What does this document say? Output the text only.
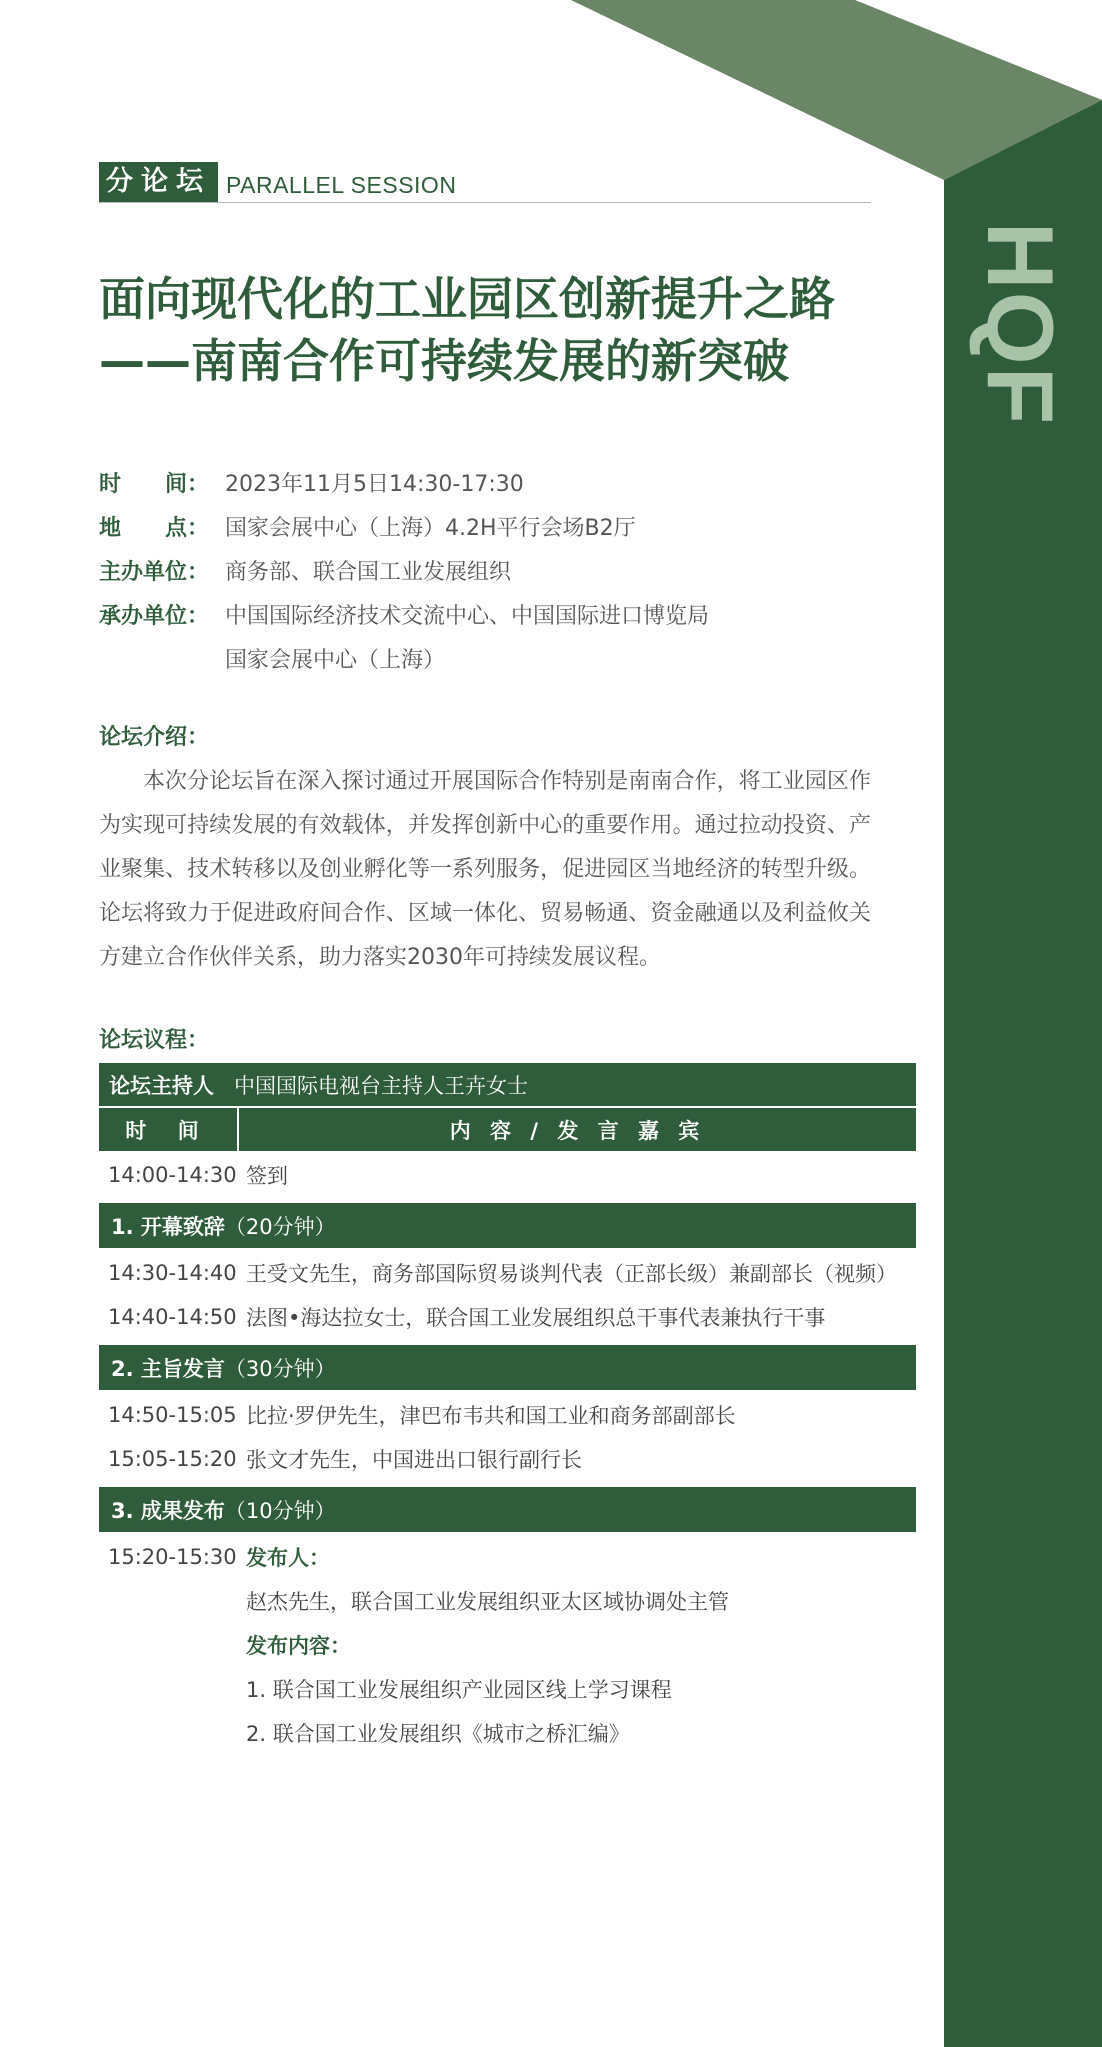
HQF
分论坛 PARALLEL SESSION
面向现代化的工业园区创新提升之路
——南南合作可持续发展的新突破
时　　间： 2023年11月5日14:30-17:30
地　　点： 国家会展中心（上海）4.2H平行会场B2厅
主办单位： 商务部、联合国工业发展组织
承办单位： 中国国际经济技术交流中心、中国国际进口博览局
国家会展中心（上海）
论坛介绍：
本次分论坛旨在深入探讨通过开展国际合作特别是南南合作，将工业园区作为实现可持续发展的有效载体，并发挥创新中心的重要作用。通过拉动投资、产业聚集、技术转移以及创业孵化等一系列服务，促进园区当地经济的转型升级。论坛将致力于促进政府间合作、区域一体化、贸易畅通、资金融通以及利益攸关方建立合作伙伴关系，助力落实2030年可持续发展议程。
论坛议程：
论坛主持人 中国国际电视台主持人王卉女士
时 间	内 容 / 发 言 嘉 宾
14:00-14:30 签到
1. 开幕致辞 （20分钟）
14:30-14:40 王受文先生，商务部国际贸易谈判代表（正部长级）兼副部长（视频）
14:40-14:50 法图•海达拉女士，联合国工业发展组织总干事代表兼执行干事
2. 主旨发言 （30分钟）
14:50-15:05 比拉·罗伊先生，津巴布韦共和国工业和商务部副部长
15:05-15:20 张文才先生，中国进出口银行副行长
3. 成果发布 （10分钟）
15:20-15:30 发布人：
赵杰先生，联合国工业发展组织亚太区域协调处主管
发布内容：
1. 联合国工业发展组织产业园区线上学习课程
2. 联合国工业发展组织《城市之桥汇编》
